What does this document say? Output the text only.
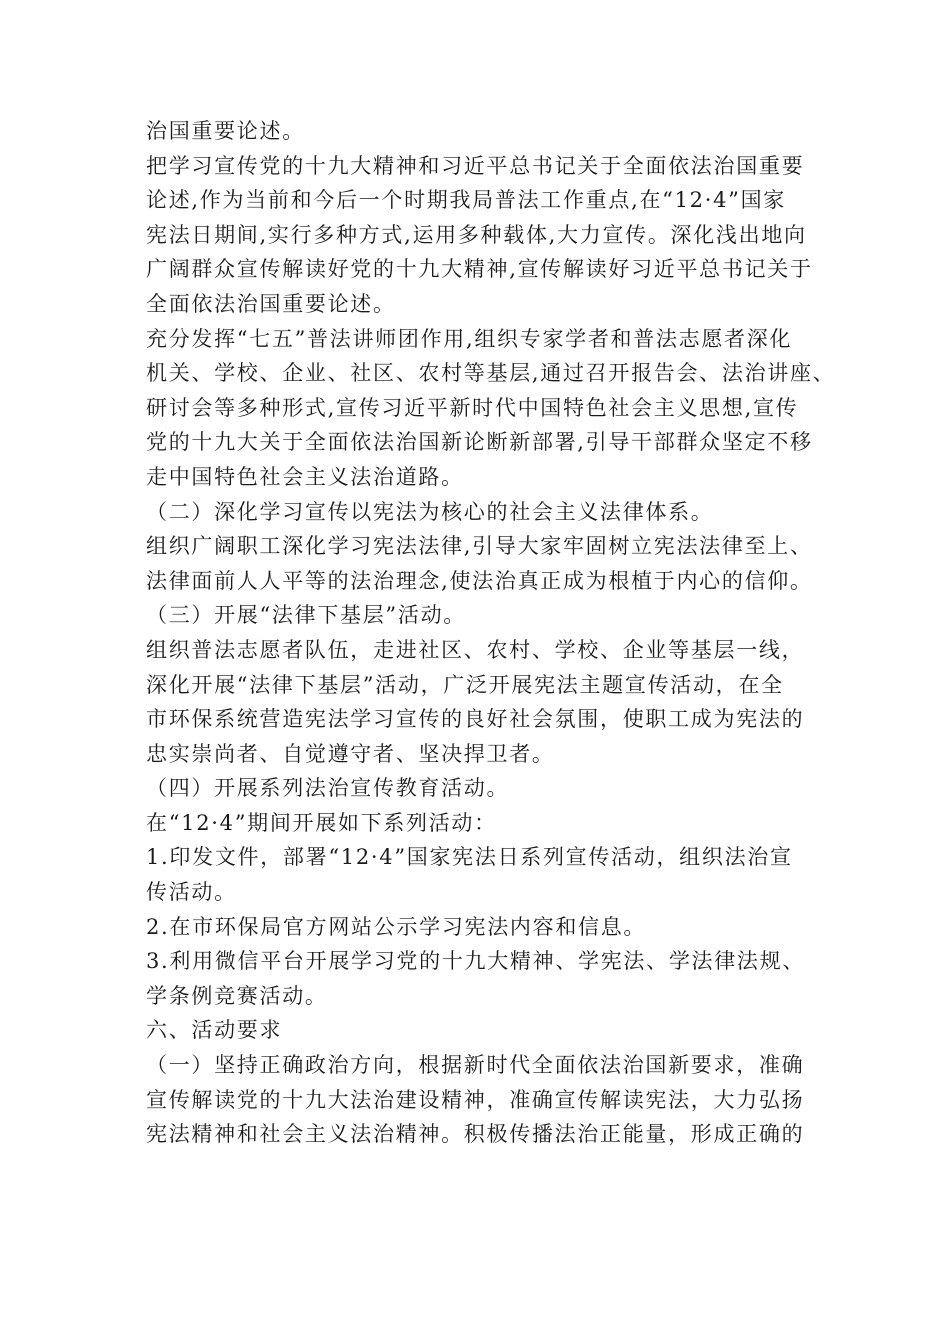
治国重要论述。

把学习宣传党的十九大精神和习近平总书记关于全面依法治国重要

论述,作为当前和今后一个时期我局普法工作重点,在“12·4”国家

宪法日期间,实行多种方式,运用多种载体,大力宣传。深化浅出地向

广阔群众宣传解读好党的十九大精神,宣传解读好习近平总书记关于

全面依法治国重要论述。

充分发挥“七五”普法讲师团作用,组织专家学者和普法志愿者深化

机关、学校、企业、社区、农村等基层,通过召开报告会、法治讲座、

研讨会等多种形式,宣传习近平新时代中国特色社会主义思想,宣传

党的十九大关于全面依法治国新论断新部署,引导干部群众坚定不移

走中国特色社会主义法治道路。

（二）深化学习宣传以宪法为核心的社会主义法律体系。

组织广阔职工深化学习宪法法律,引导大家牢固树立宪法法律至上、

法律面前人人平等的法治理念,使法治真正成为根植于内心的信仰。

（三）开展“法律下基层”活动。

组织普法志愿者队伍，走进社区、农村、学校、企业等基层一线，

深化开展“法律下基层”活动，广泛开展宪法主题宣传活动，在全

市环保系统营造宪法学习宣传的良好社会氛围，使职工成为宪法的

忠实崇尚者、自觉遵守者、坚决捍卫者。

（四）开展系列法治宣传教育活动。

在“12·4”期间开展如下系列活动：

1.印发文件，部署“12·4”国家宪法日系列宣传活动，组织法治宣

传活动。

2.在市环保局官方网站公示学习宪法内容和信息。

3.利用微信平台开展学习党的十九大精神、学宪法、学法律法规、

学条例竞赛活动。

六、活动要求

（一）坚持正确政治方向，根据新时代全面依法治国新要求，准确

宣传解读党的十九大法治建设精神，准确宣传解读宪法，大力弘扬

宪法精神和社会主义法治精神。积极传播法治正能量，形成正确的
